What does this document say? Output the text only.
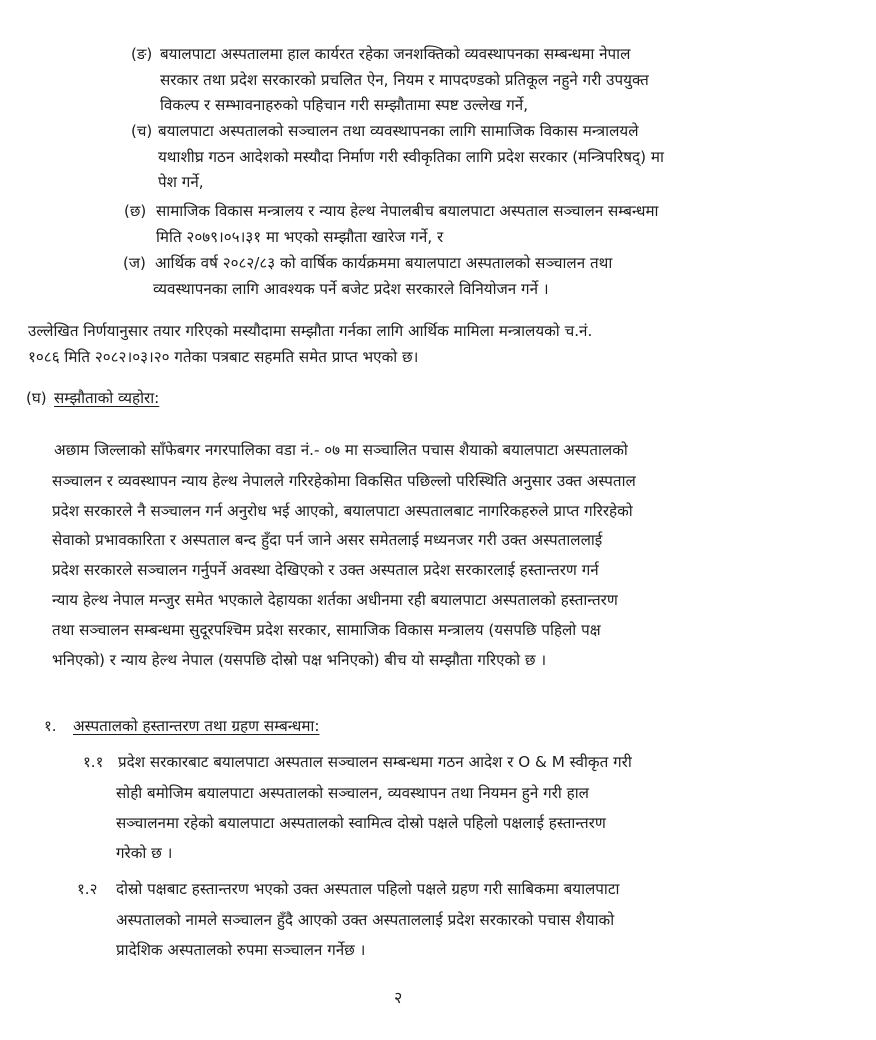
(ङ) बयालपाटा अस्पतालमा हाल कार्यरत रहेका जनशक्तिको व्यवस्थापनका सम्बन्धमा नेपाल
सरकार तथा प्रदेश सरकारको प्रचलित ऐन, नियम र मापदण्डको प्रतिकूल नहुने गरी उपयुक्त
विकल्प र सम्भावनाहरुको पहिचान गरी सम्झौतामा स्पष्ट उल्लेख गर्ने,
(च) बयालपाटा अस्पतालको सञ्चालन तथा व्यवस्थापनका लागि सामाजिक विकास मन्त्रालयले
यथाशीघ्र गठन आदेशको मस्यौदा निर्माण गरी स्वीकृतिका लागि प्रदेश सरकार (मन्त्रिपरिषद्) मा
पेश गर्ने,
(छ) सामाजिक विकास मन्त्रालय र न्याय हेल्थ नेपालबीच बयालपाटा अस्पताल सञ्चालन सम्बन्धमा
मिति २०७९।०५।३१ मा भएको सम्झौता खारेज गर्ने, र
(ज) आर्थिक वर्ष २०८२/८३ को वार्षिक कार्यक्रममा बयालपाटा अस्पतालको सञ्चालन तथा
व्यवस्थापनका लागि आवश्यक पर्ने बजेट प्रदेश सरकारले विनियोजन गर्ने ।
उल्लेखित निर्णयानुसार तयार गरिएको मस्यौदामा सम्झौता गर्नका लागि आर्थिक मामिला मन्त्रालयको च.नं.
१०८६ मिति २०८२।०३।२० गतेका पत्रबाट सहमति समेत प्राप्त भएको छ।
(घ) सम्झौताको व्यहोरा:
अछाम जिल्लाको साँफेबगर नगरपालिका वडा नं.- ०७ मा सञ्चालित पचास शैयाको बयालपाटा अस्पतालको
सञ्चालन र व्यवस्थापन न्याय हेल्थ नेपालले गरिरहेकोमा विकसित पछिल्लो परिस्थिति अनुसार उक्त अस्पताल
प्रदेश सरकारले नै सञ्चालन गर्न अनुरोध भई आएको, बयालपाटा अस्पतालबाट नागरिकहरुले प्राप्त गरिरहेको
सेवाको प्रभावकारिता र अस्पताल बन्द हुँदा पर्न जाने असर समेतलाई मध्यनजर गरी उक्त अस्पताललाई
प्रदेश सरकारले सञ्चालन गर्नुपर्ने अवस्था देखिएको र उक्त अस्पताल प्रदेश सरकारलाई हस्तान्तरण गर्न
न्याय हेल्थ नेपाल मन्जुर समेत भएकाले देहायका शर्तका अधीनमा रही बयालपाटा अस्पतालको हस्तान्तरण
तथा सञ्चालन सम्बन्धमा सुदूरपश्चिम प्रदेश सरकार, सामाजिक विकास मन्त्रालय (यसपछि पहिलो पक्ष
भनिएको) र न्याय हेल्थ नेपाल (यसपछि दोस्रो पक्ष भनिएको) बीच यो सम्झौता गरिएको छ ।
१. अस्पतालको हस्तान्तरण तथा ग्रहण सम्बन्धमा:
१.१ प्रदेश सरकारबाट बयालपाटा अस्पताल सञ्चालन सम्बन्धमा गठन आदेश र O & M स्वीकृत गरी
सोही बमोजिम बयालपाटा अस्पतालको सञ्चालन, व्यवस्थापन तथा नियमन हुने गरी हाल
सञ्चालनमा रहेको बयालपाटा अस्पतालको स्वामित्व दोस्रो पक्षले पहिलो पक्षलाई हस्तान्तरण
गरेको छ ।
१.२ दोस्रो पक्षबाट हस्तान्तरण भएको उक्त अस्पताल पहिलो पक्षले ग्रहण गरी साबिकमा बयालपाटा
अस्पतालको नामले सञ्चालन हुँदै आएको उक्त अस्पताललाई प्रदेश सरकारको पचास शैयाको
प्रादेशिक अस्पतालको रुपमा सञ्चालन गर्नेछ ।
२
